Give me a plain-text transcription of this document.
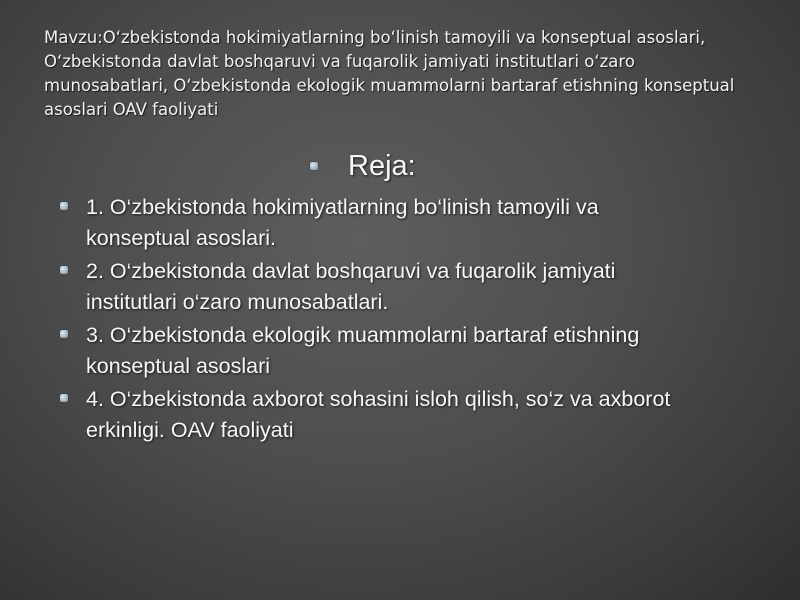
Mavzu:O‘zbekistonda hokimiyatlarning bo‘linish tamoyili va konseptual asoslari, O‘zbekistonda davlat boshqaruvi va fuqarolik jamiyati institutlari o‘zaro munosabatlari, O‘zbekistonda ekologik muammolarni bartaraf etishning konseptual asoslari OAV faoliyati
Reja:
1. O‘zbekistonda hokimiyatlarning bo‘linish tamoyili va konseptual asoslari.
2. O‘zbekistonda davlat boshqaruvi va fuqarolik jamiyati institutlari o‘zaro munosabatlari.
3. O‘zbekistonda ekologik muammolarni bartaraf etishning konseptual asoslari
4. O‘zbekistonda axborot sohasini isloh qilish, so‘z va axborot erkinligi. OAV faoliyati
